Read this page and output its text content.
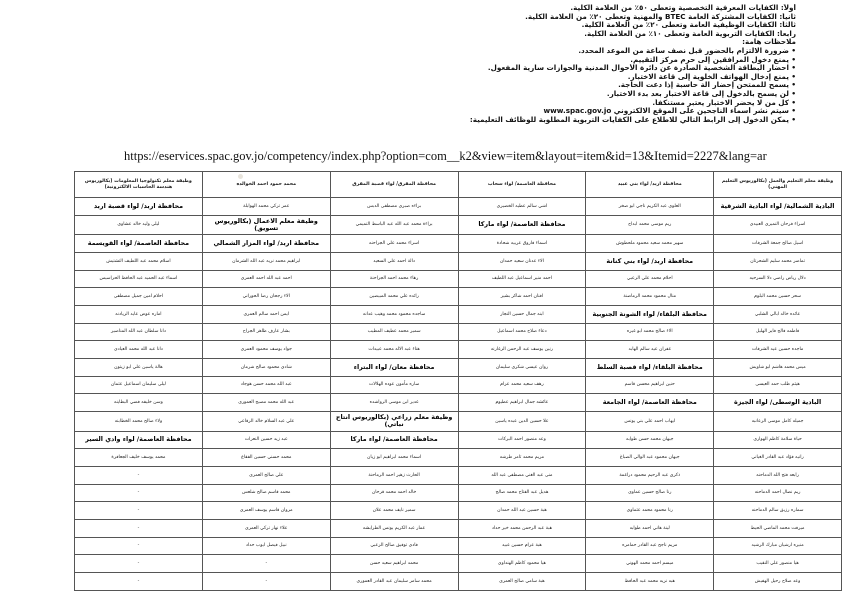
أولاً: الكفايات المعرفية التخصصية وتعطى ٥٠٪ من العلامة الكلية.
ثانياً: الكفايات المشتركة العامة BTEC والمهنية وتعطى ٢٠٪ من العلامة الكلية.
ثالثاً: الكفايات الوظيفية العامة وتعطى ٢٠٪ من العلامة الكلية.
رابعاً: الكفايات التربوية العامة وتعطى ١٠٪ من العلامة الكلية.
ملاحظات هامة:
• ضرورة الالتزام بالحضور قبل نصف ساعة من الموعد المحدد.
• يمنع دخول المرافقين إلى حرم مركز التقييم.
• احضار البطاقة الشخصية الصادرة عن دائرة الأحوال المدنية والجوازات سارية المفعول.
• يمنع إدخال الهواتف الخلوية إلى قاعة الاختبار.
• يسمح للممتحن إحضار آلة حاسبة إذا دعت الحاجة.
• لن يسمح بالدخول إلى قاعة الاختبار بعد بدء الاختبار.
• كل من لا يحضر الاختبار يعتبر مستنكفاً.
• سيتم نشر أسماء الناجحين على الموقع الالكتروني www.spac.gov.jo
• يمكن الدخول إلى الرابط التالي للاطلاع على الكفايات التربوية المطلوبة للوظائف التعليمية:
https://eservices.spac.gov.jo/competency/index.php?option=com__k2&view=item&layout=item&id=13&Itemid=2227&lang=ar
وظيفة معلم التعليم والعمل (بكالوريوس التعليم المهني)	محافظة اربد/ لواء بني عبيد	محافظة العاصمة/ لواء سحاب	محافظة المفرق/ لواء قصبة المفرق	محمد حمود احمد الخوالده	وظيفة معلم تكنولوجيا المعلومات (بكالوريوس هندسة الحاسبات الالكترونية)
البادية الشمالية/ لواء البادية الشرقية	العلوي عبد الكريم ناجي ابو صخر	اشي سالم عطيه الخضيري	براءه صبري مصطفى الدبس	عمر تركي محمد الهوابلة	محافظة اربد/ لواء قصبة اربد
اسراء فرحان النميري العبيدي	ريم موسى محمد ابداح	محافظة العاصمة/ لواء ماركا	براءة محمد عبد الله عبد الباسط التميمي	وظيفة معلم الاعمال (بكالوريوس تسويق)	ليلى وليد خالد عشاوي
اسيل صالح جمعة الشرفات	سهير محمد سعيد محمود ملحطوش	اسماء فاروق عربيه شحادة	اسراء محمد علي الجراحنه	محافظة اربد/ لواء المزار الشمالي	محافظة العاصمة/ لواء القويسمة
تماضر محمد سليم الشحرتان	محافظة اربد/ لواء بني كنانة	الاء عدنان سعيد حمدان	دالة احمد علي السعيد	ابراهيم محمد نزيه عبد الله الشرمان	اسلام محمد عبد اللطيف التشتيش
دلال رياض راضي دلا السرحيه	احلام محمد علي الزعبي	احمد منير اسماعيل عبد اللطيف	رهاء محمد احمد الجراحنة	احمد عبد الله احمد العمري	اسماء عبد الحميد عبد الحافظ الحراسيس
سحر حسين محمد البلوم	منال محمود محمد الرماضنة	افنان احمد شاكر بشير	رائده علي محمد المبيضين	الاء رجحان رضا الحوراني	احلام امين جميل مصطفى
عائده خالد ابالي الشلبي	محافظة البلقاء/ لواء الشونة الجنوبية	ابنه جمال حسين النجار	ساجده محمود محمد وهيب عدانه	ايمن احمد سالم العمري	اماره عوض عايد الزيادنه
فاطمه فالح فايز الهليل	الاء صالح محمد ابو غيره	دعاء صلاح محمد اسماعيل	سمير محمد عطيف المطيب	بشار عارف ظاهر الجراح	دانا سلطان عبد الله المناصير
ماجده حسين عيد الشرفات	غفران عيد سالم الهابد	رنين يوسف عبد الرحمن الزغارنه	هناء عبد الاله محمد عبيدات	جواد يوسف محمود العمري	دانا عبد الله محمد العيادي
ميس محمد هاشم ابو شاويش	محافظة البلقاء/ لواء قصبة السلط	روان عيسى شكري سليمان	محافظة معان/ لواء البتراء	شادي محمود صالح شرمان	هالة ياسين علي ابو زيتون
هيثم طلب حمد العيسى	حنين ابراهيم محسن قاسم	رهف سعيد محمد عزام	ساره مأمون عوده الهلالات	عبد الله محمد حسن هوجاد	ليلى سليمان اسماعيل عثمان
البادية الوسطى/ لواء الجيزة	محافظة العاصمة/ لواء الجامعة	عائشه جمال ابراهيم عطيوم	غدير ابن موسى الرواشده	عبد الله محمد مصبح العموري	وسن خليفه فضي البطاينه
جميله كامل موسى الزعانبه	ايهاب احمد علي بني يونس	علا حسين الدين عبده ياسين	وظيفة معلم زراعي (بكالوريوس انتاج نباتي)	علي عبد السلام خالد الرقاعي	ولاء صالح محمد الخطابنه
حياة سلامة كاظم الهواري	جيهان محمد حسن طوابه	وعد منصور احمد البركات	محافظة العاصمة/ لواء ماركا	عبد زيد حسين النعرات	محافظة العاصمة/ لواء وادي السير
رانيه فؤاد عبد القادر الغياني	جيهان محمود عبد الوالي الصباغ	مريم محمد ثامر طرشه	اسماء محمد ابراهيم ابو زيان	محمد حسني حسين الفقاع	محمد يوسف خليف الجعافرة
رابعه فتح الله الدماحنه	ذكرى عبد الرحيم محمود دراغمة	منى عبد الغني مصطفى عبد الله	الحارث زهير احمد الرماحنة	علي صالح العمري	-
ريم نضال احمد الدماحنه	رنا صالح حسين عماوي	هديل عبد الفتاح محمد صالح	خالد احمد محمد قرحان	محمد قاسم صالح شلعس	-
سماره رزيق سالم الدماحنه	رنا محمود محمد عثماوي	هبة حسين عبد الله حمدان	سمير نايف محمد علان	مروان قاسم يوسف العمري	-
ميرفت محمد الماضي الحيط	لينة هاني احمد طوابه	هبة عبد الرحمن محمد خير حداد	عمار عبد الكريم يونس الطرابشه	علاء نهار تركي العمري	-
منيره ارشيان مبارك الرشيد	مريم ناجح عبد القادر حمامره	هبة عزام حسين عبيد	فادي توفيق صالح الزعبي	نبيل فيصل ايوب حداد	-
هيا منصور علي النقيب	ميسم احمد محمد الهوني	هيا محمود كاظم الهنداوي	محمد ابراهيم سعيد حسن	-	-
وعد صلاح رحيل الهفيش	هبه نزيه محمد عبد الحافظ	هبة سامي صالح العمري	محمد سامر سليمان عبد القادر العموري	-	-
